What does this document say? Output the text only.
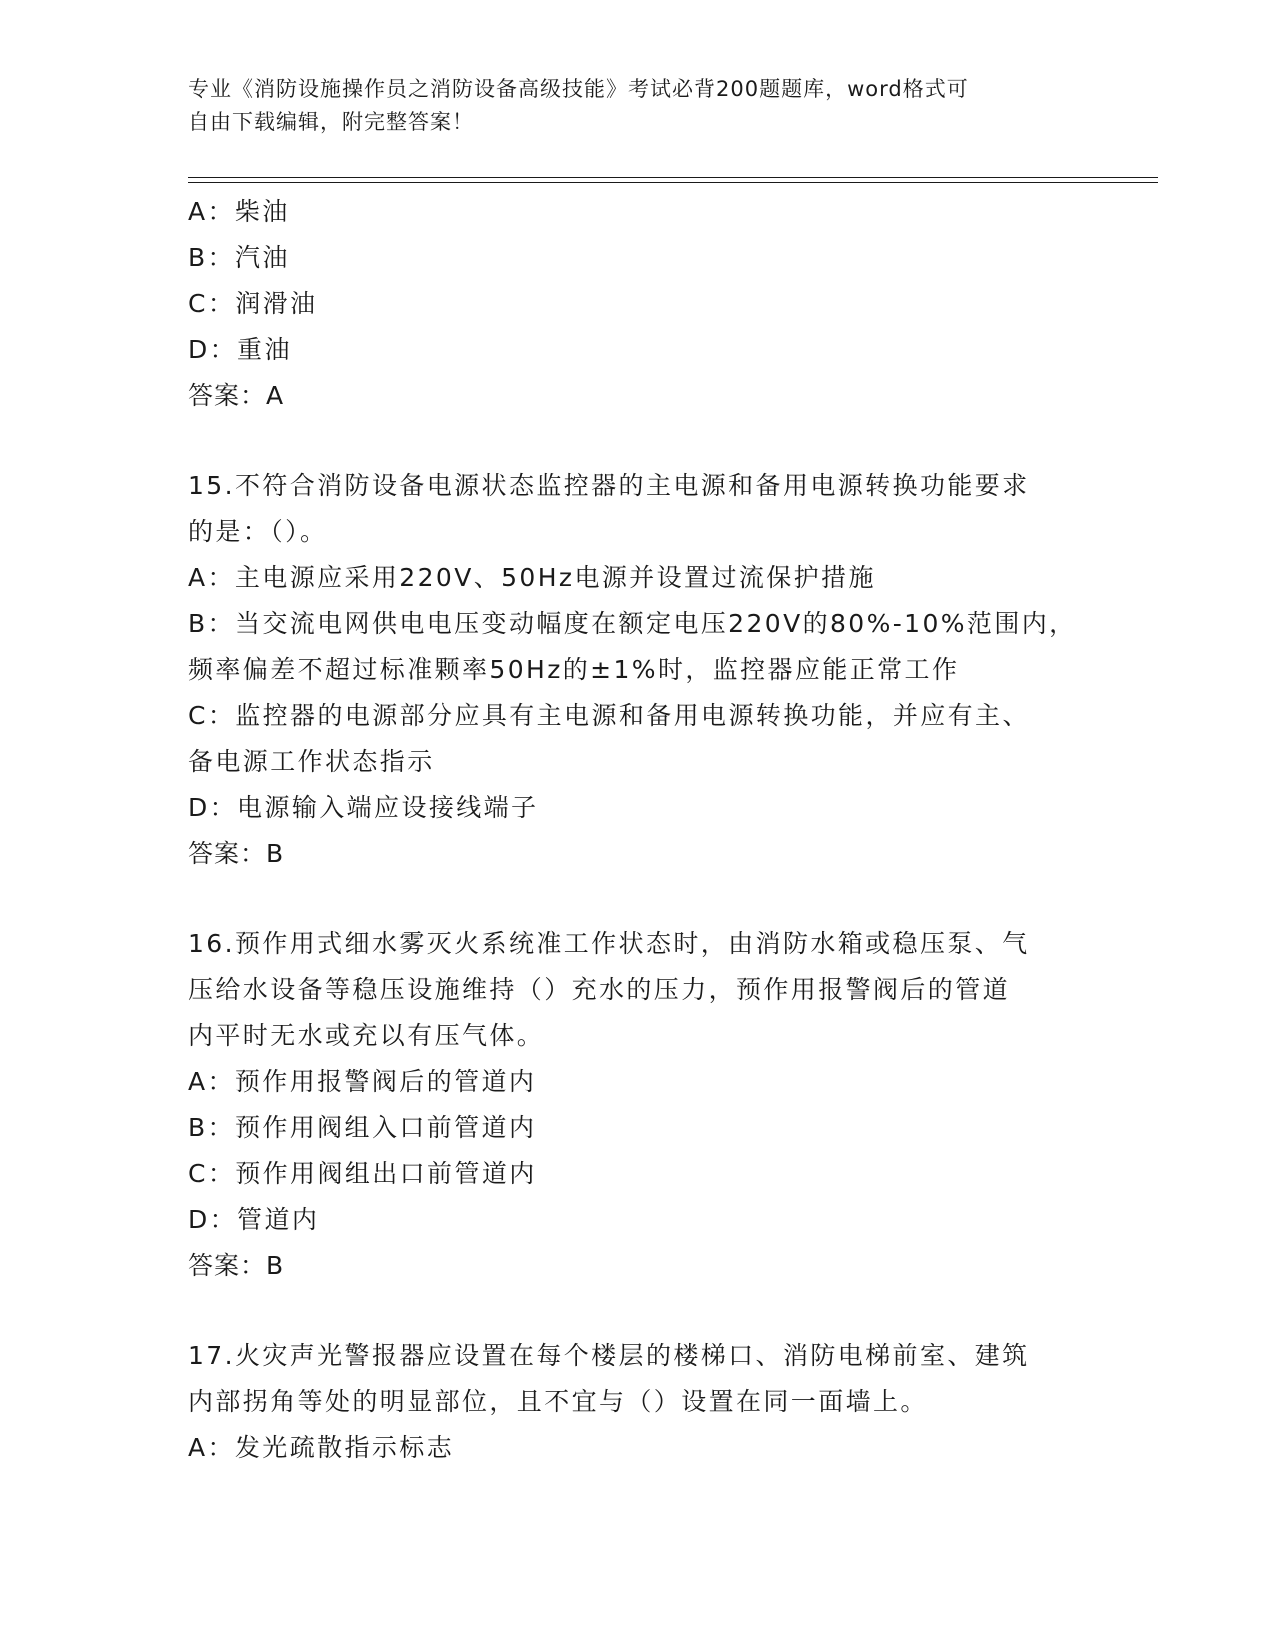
专业《消防设施操作员之消防设备高级技能》考试必背200题题库，word格式可
自由下载编辑，附完整答案！
A：柴油
B：汽油
C：润滑油
D：重油
答案：A
15.不符合消防设备电源状态监控器的主电源和备用电源转换功能要求
的是：（）。
A：主电源应采用220V、50Hz电源并设置过流保护措施
B：当交流电网供电电压变动幅度在额定电压220V的80%-10%范围内，
频率偏差不超过标准颗率50Hz的±1%时，监控器应能正常工作
C：监控器的电源部分应具有主电源和备用电源转换功能，并应有主、
备电源工作状态指示
D：电源输入端应设接线端子
答案：B
16.预作用式细水雾灭火系统准工作状态时，由消防水箱或稳压泵、气
压给水设备等稳压设施维持（）充水的压力，预作用报警阀后的管道
内平时无水或充以有压气体。
A：预作用报警阀后的管道内
B：预作用阀组入口前管道内
C：预作用阀组出口前管道内
D：管道内
答案：B
17.火灾声光警报器应设置在每个楼层的楼梯口、消防电梯前室、建筑
内部拐角等处的明显部位，且不宜与（）设置在同一面墙上。
A：发光疏散指示标志
